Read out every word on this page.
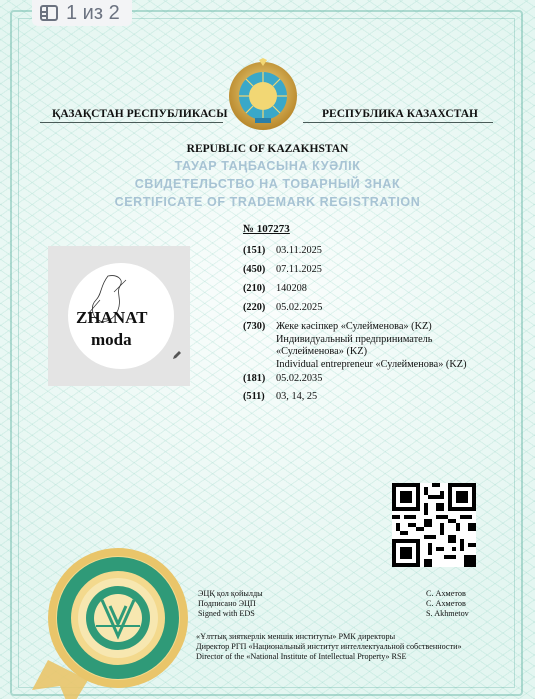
ҚАЗАҚСТАН РЕСПУБЛИКАСЫ	РЕСПУБЛИКА КАЗАХСТАН
REPUBLIC OF KAZAKHSTAN
ТАУАР ТАҢБАСЫНА КУӘЛІК
СВИДЕТЕЛЬСТВО НА ТОВАРНЫЙ ЗНАК
CERTIFICATE OF TRADEMARK REGISTRATION
№ 107273
ZHANAT
moda
(151) 03.11.2025
(450) 07.11.2025
(210) 140208
(220) 05.02.2025
(730) Жеке кәсіпкер «Сулейменова» (KZ)
Индивидуальный предприниматель
«Сулейменова» (KZ)
Individual entrepreneur «Сулейменова» (KZ)
(181) 05.02.2035
(511) 03, 14, 25
ЭЦҚ қол қойылды
Подписано ЭЦП
Signed with EDS
С. Ахметов
С. Ахметов
S. Akhmetov
«Ұлттық зияткерлік меншік институты» РМК директоры
Директор РГП «Национальный институт интеллектуальной собственности»
Director of the «National Institute of Intellectual Property» RSE
1 из 2
